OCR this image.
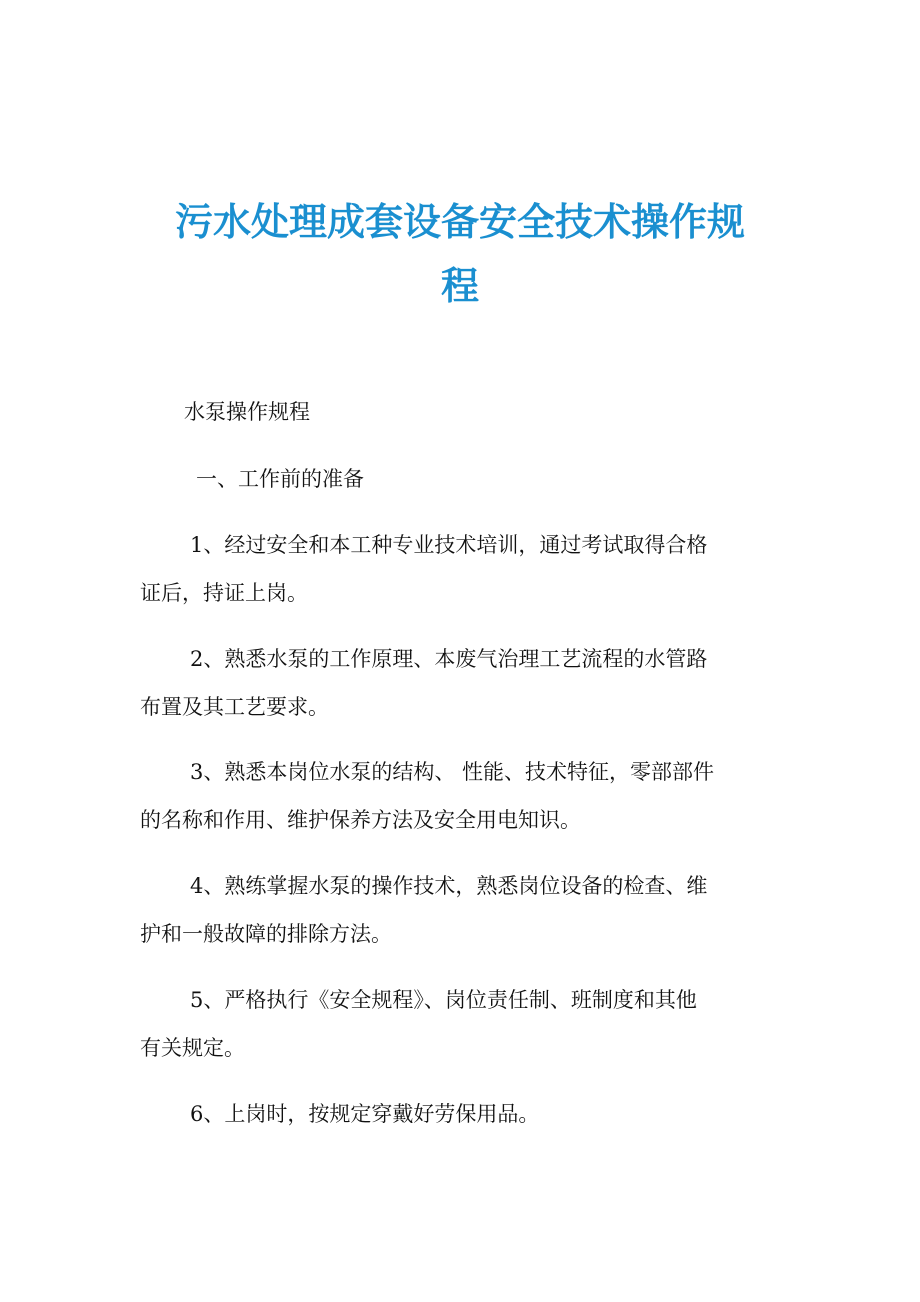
污水处理成套设备安全技术操作规
程

水泵操作规程

一、工作前的准备

1、经过安全和本工种专业技术培训，通过考试取得合格
证后，持证上岗。

2、熟悉水泵的工作原理、本废气治理工艺流程的水管路
布置及其工艺要求。

3、熟悉本岗位水泵的结构、 性能、技术特征，零部部件
的名称和作用、维护保养方法及安全用电知识。

4、熟练掌握水泵的操作技术，熟悉岗位设备的检查、维
护和一般故障的排除方法。

5、严格执行《安全规程》、岗位责任制、班制度和其他
有关规定。

6、上岗时，按规定穿戴好劳保用品。
